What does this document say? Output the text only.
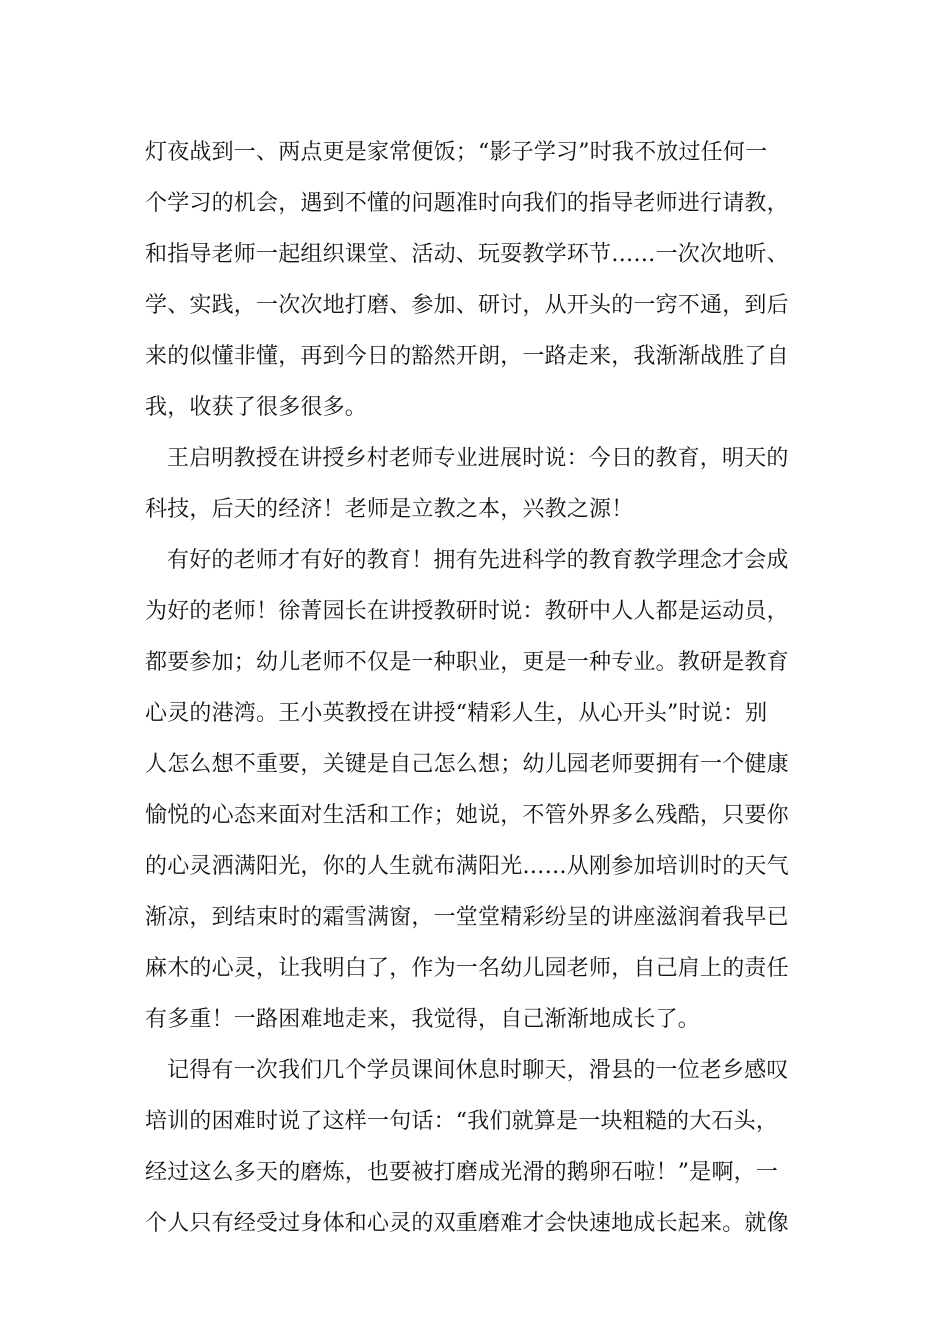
灯夜战到一、两点更是家常便饭；“影子学习”时我不放过任何一
个学习的机会，遇到不懂的问题准时向我们的指导老师进行请教，
和指导老师一起组织课堂、活动、玩耍教学环节……一次次地听、
学、实践，一次次地打磨、参加、研讨，从开头的一窍不通，到后
来的似懂非懂，再到今日的豁然开朗，一路走来，我渐渐战胜了自
我，收获了很多很多。
王启明教授在讲授乡村老师专业进展时说：今日的教育，明天的
科技，后天的经济！老师是立教之本，兴教之源！
有好的老师才有好的教育！拥有先进科学的教育教学理念才会成
为好的老师！徐菁园长在讲授教研时说：教研中人人都是运动员，
都要参加；幼儿老师不仅是一种职业，更是一种专业。教研是教育
心灵的港湾。王小英教授在讲授“精彩人生，从心开头”时说：别
人怎么想不重要，关键是自己怎么想；幼儿园老师要拥有一个健康
愉悦的心态来面对生活和工作；她说，不管外界多么残酷，只要你
的心灵洒满阳光，你的人生就布满阳光……从刚参加培训时的天气
渐凉，到结束时的霜雪满窗，一堂堂精彩纷呈的讲座滋润着我早已
麻木的心灵，让我明白了，作为一名幼儿园老师，自己肩上的责任
有多重！一路困难地走来，我觉得，自己渐渐地成长了。
记得有一次我们几个学员课间休息时聊天，滑县的一位老乡感叹
培训的困难时说了这样一句话：“我们就算是一块粗糙的大石头，
经过这么多天的磨炼，也要被打磨成光滑的鹅卵石啦！”是啊，一
个人只有经受过身体和心灵的双重磨难才会快速地成长起来。就像
